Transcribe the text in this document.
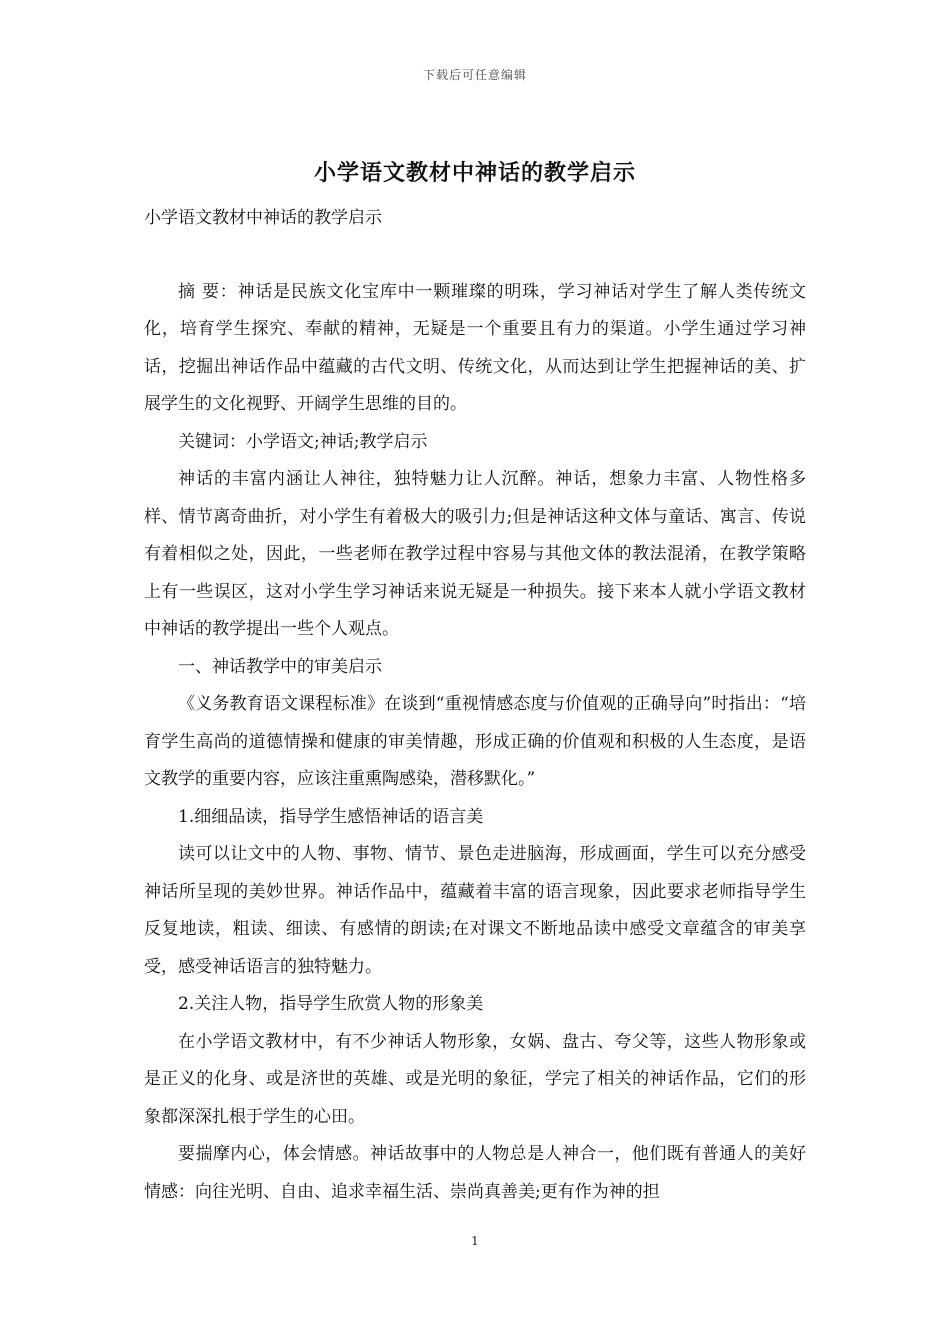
下载后可任意编辑
小学语文教材中神话的教学启示

小学语文教材中神话的教学启示

摘 要：神话是民族文化宝库中一颗璀璨的明珠，学习神话对学生了解人类传统文化，培育学生探究、奉献的精神，无疑是一个重要且有力的渠道。小学生通过学习神话，挖掘出神话作品中蕴藏的古代文明、传统文化，从而达到让学生把握神话的美、扩展学生的文化视野、开阔学生思维的目的。

关键词：小学语文;神话;教学启示

神话的丰富内涵让人神往，独特魅力让人沉醉。神话，想象力丰富、人物性格多样、情节离奇曲折，对小学生有着极大的吸引力;但是神话这种文体与童话、寓言、传说有着相似之处，因此，一些老师在教学过程中容易与其他文体的教法混淆，在教学策略上有一些误区，这对小学生学习神话来说无疑是一种损失。接下来本人就小学语文教材中神话的教学提出一些个人观点。

一、神话教学中的审美启示

《义务教育语文课程标准》在谈到“重视情感态度与价值观的正确导向”时指出：“培育学生高尚的道德情操和健康的审美情趣，形成正确的价值观和积极的人生态度，是语文教学的重要内容，应该注重熏陶感染，潜移默化。”

1.细细品读，指导学生感悟神话的语言美

读可以让文中的人物、事物、情节、景色走进脑海，形成画面，学生可以充分感受神话所呈现的美妙世界。神话作品中，蕴藏着丰富的语言现象，因此要求老师指导学生反复地读，粗读、细读、有感情的朗读;在对课文不断地品读中感受文章蕴含的审美享受，感受神话语言的独特魅力。

2.关注人物，指导学生欣赏人物的形象美

在小学语文教材中，有不少神话人物形象，女娲、盘古、夸父等，这些人物形象或是正义的化身、或是济世的英雄、或是光明的象征，学完了相关的神话作品，它们的形象都深深扎根于学生的心田。

要揣摩内心，体会情感。神话故事中的人物总是人神合一，他们既有普通人的美好情感：向往光明、自由、追求幸福生活、崇尚真善美;更有作为神的担

1
